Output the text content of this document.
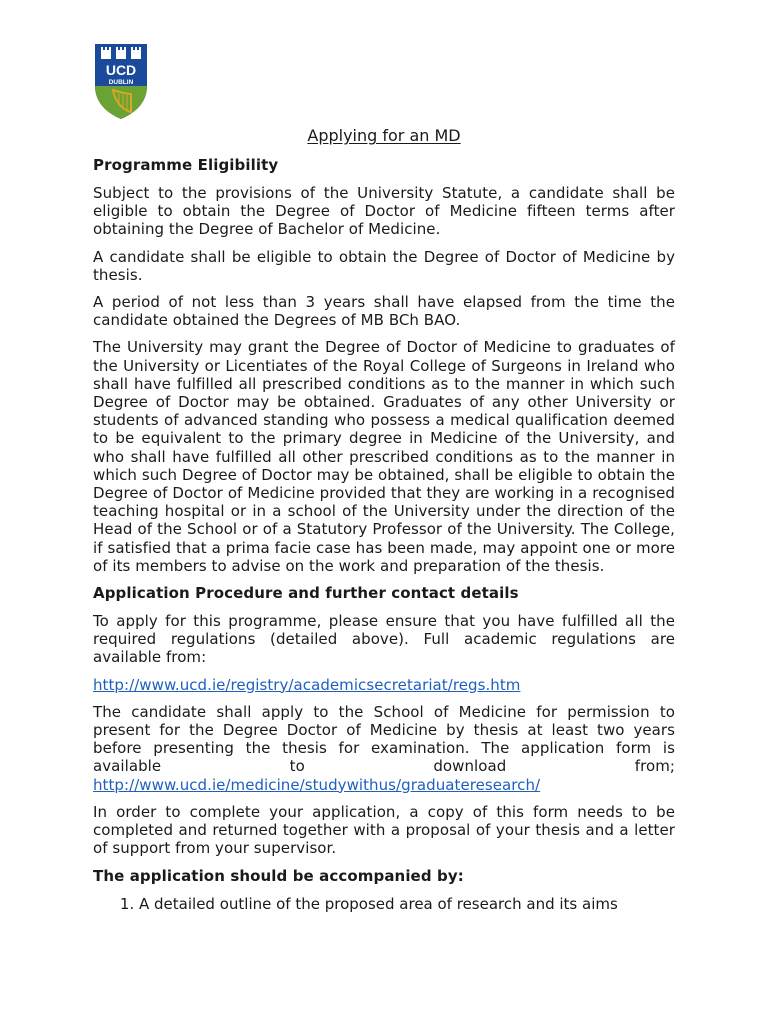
UCD
DUBLIN
Applying for an MD
Programme Eligibility

Subject to the provisions of the University Statute, a candidate shall be eligible to obtain the Degree of Doctor of Medicine fifteen terms after obtaining the Degree of Bachelor of Medicine.

A candidate shall be eligible to obtain the Degree of Doctor of Medicine by thesis.

A period of not less than 3 years shall have elapsed from the time the candidate obtained the Degrees of MB BCh BAO.

The University may grant the Degree of Doctor of Medicine to graduates of the University or Licentiates of the Royal College of Surgeons in Ireland who shall have fulfilled all prescribed conditions as to the manner in which such Degree of Doctor may be obtained. Graduates of any other University or students of advanced standing who possess a medical qualification deemed to be equivalent to the primary degree in Medicine of the University, and who shall have fulfilled all other prescribed conditions as to the manner in which such Degree of Doctor may be obtained, shall be eligible to obtain the Degree of Doctor of Medicine provided that they are working in a recognised teaching hospital or in a school of the University under the direction of the Head of the School or of a Statutory Professor of the University. The College, if satisfied that a prima facie case has been made, may appoint one or more of its members to advise on the work and preparation of the thesis.

Application Procedure and further contact details

To apply for this programme, please ensure that you have fulfilled all the required regulations (detailed above). Full academic regulations are available from:

http://www.ucd.ie/registry/academicsecretariat/regs.htm

The candidate shall apply to the School of Medicine for permission to present for the Degree Doctor of Medicine by thesis at least two years before presenting the thesis for examination. The application form is available to download from; http://www.ucd.ie/medicine/studywithus/graduateresearch/

In order to complete your application, a copy of this form needs to be completed and returned together with a proposal of your thesis and a letter of support from your supervisor.

The application should be accompanied by:
1. A detailed outline of the proposed area of research and its aims
